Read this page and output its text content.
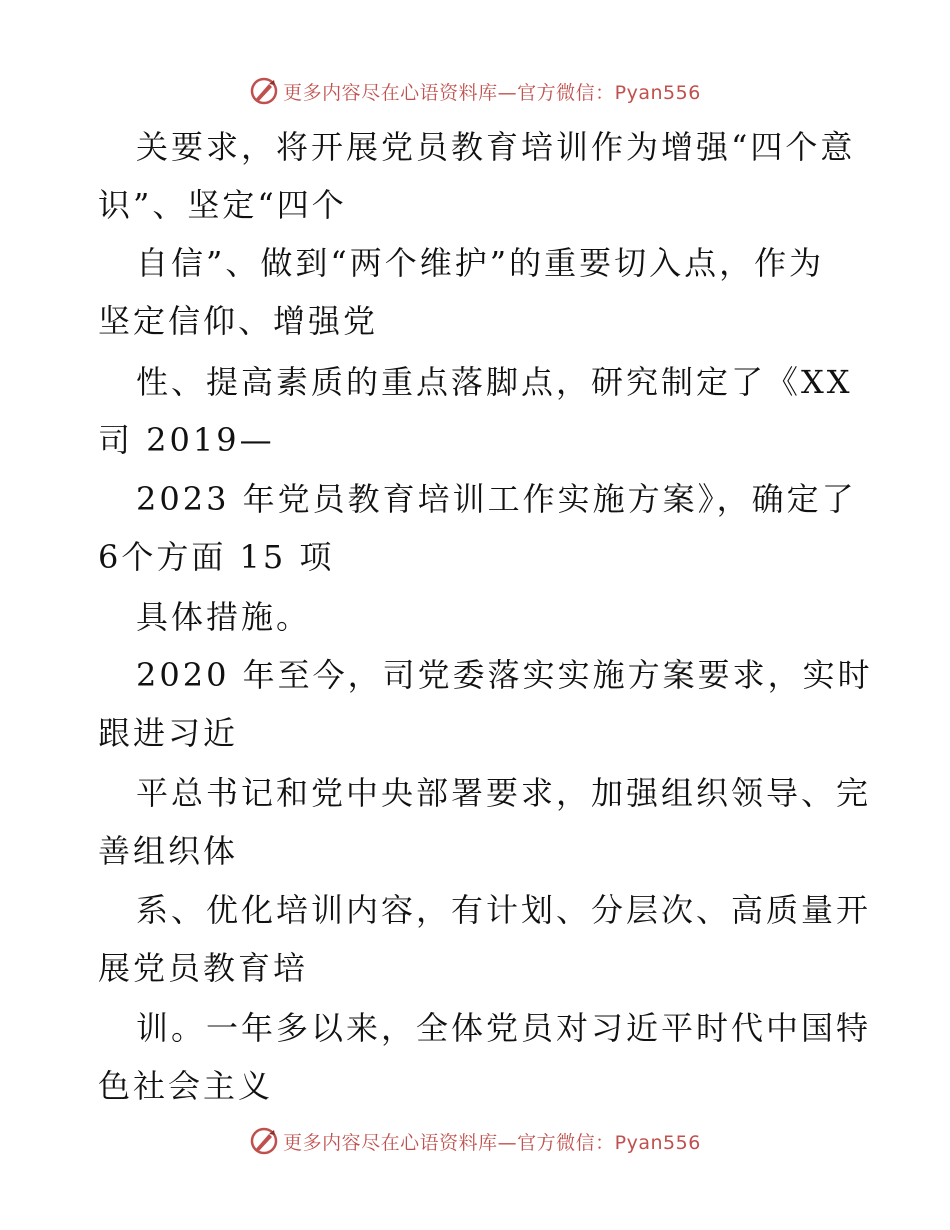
更多内容尽在心语资料库—官方微信：Pyan556
关要求，将开展党员教育培训作为增强“四个意
识”、坚定“四个
自信”、做到“两个维护”的重要切入点，作为
坚定信仰、增强党
性、提高素质的重点落脚点，研究制定了《XX
司 2019—
2023 年党员教育培训工作实施方案》，确定了
6个方面 15 项
具体措施。
2020 年至今，司党委落实实施方案要求，实时
跟进习近
平总书记和党中央部署要求，加强组织领导、完
善组织体
系、优化培训内容，有计划、分层次、高质量开
展党员教育培
训。一年多以来，全体党员对习近平时代中国特
色社会主义
更多内容尽在心语资料库—官方微信：Pyan556
